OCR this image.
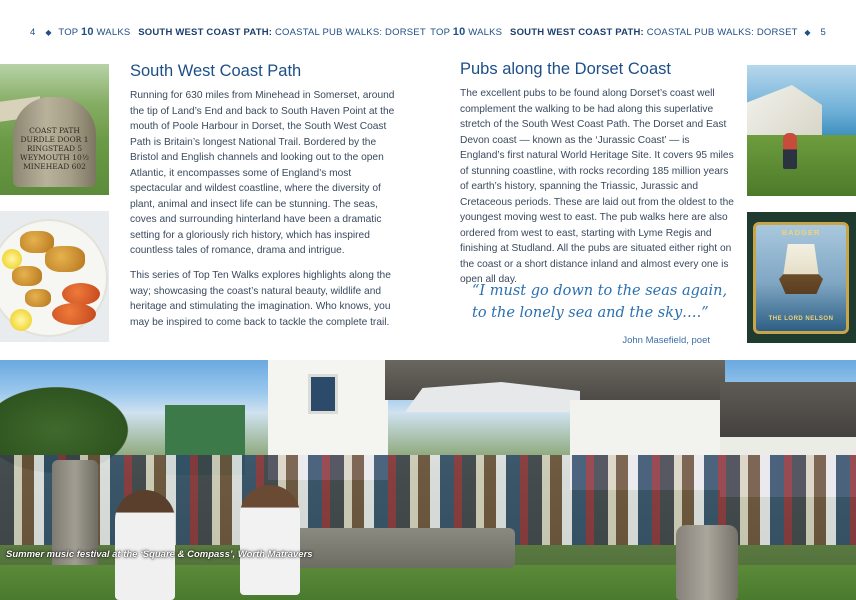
4 ◆ TOP 10 WALKS SOUTH WEST COAST PATH: COASTAL PUB WALKS: DORSET TOP 10 WALKS SOUTH WEST COAST PATH: COASTAL PUB WALKS: DORSET ◆ 5
COAST PATH
DURDLE DOOR 1
RINGSTEAD 5
WEYMOUTH 10½
MINEHEAD 602
BADGER
THE LORD NELSON
South West Coast Path

Running for 630 miles from Minehead in Somerset, around the tip of Land’s End and back to South Haven Point at the mouth of Poole Harbour in Dorset, the South West Coast Path is Britain’s longest National Trail. Bordered by the Bristol and English channels and looking out to the open Atlantic, it encompasses some of England’s most spectacular and wildest coastline, where the diversity of plant, animal and insect life can be stunning. The seas, coves and surrounding hinterland have been a dramatic setting for a gloriously rich history, which has inspired countless tales of romance, drama and intrigue.

This series of Top Ten Walks explores highlights along the way; showcasing the coast’s natural beauty, wildlife and heritage and stimulating the imagination. Who knows, you may be inspired to come back to tackle the complete trail.

Pubs along the Dorset Coast

The excellent pubs to be found along Dorset’s coast well complement the walking to be had along this superlative stretch of the South West Coast Path. The Dorset and East Devon coast — known as the ‘Jurassic Coast’ — is England’s first natural World Heritage Site. It covers 95 miles of stunning coastline, with rocks recording 185 million years of earth’s history, spanning the Triassic, Jurassic and Cretaceous periods. These are laid out from the oldest to the youngest moving west to east. The pub walks here are also ordered from west to east, starting with Lyme Regis and finishing at Studland. All the pubs are situated either right on the coast or a short distance inland and almost every one is open all day.

“I must go down to the seas again, to the lonely sea and the sky….”
John Masefield, poet
Summer music festival at the ‘Square & Compass’, Worth Matravers
